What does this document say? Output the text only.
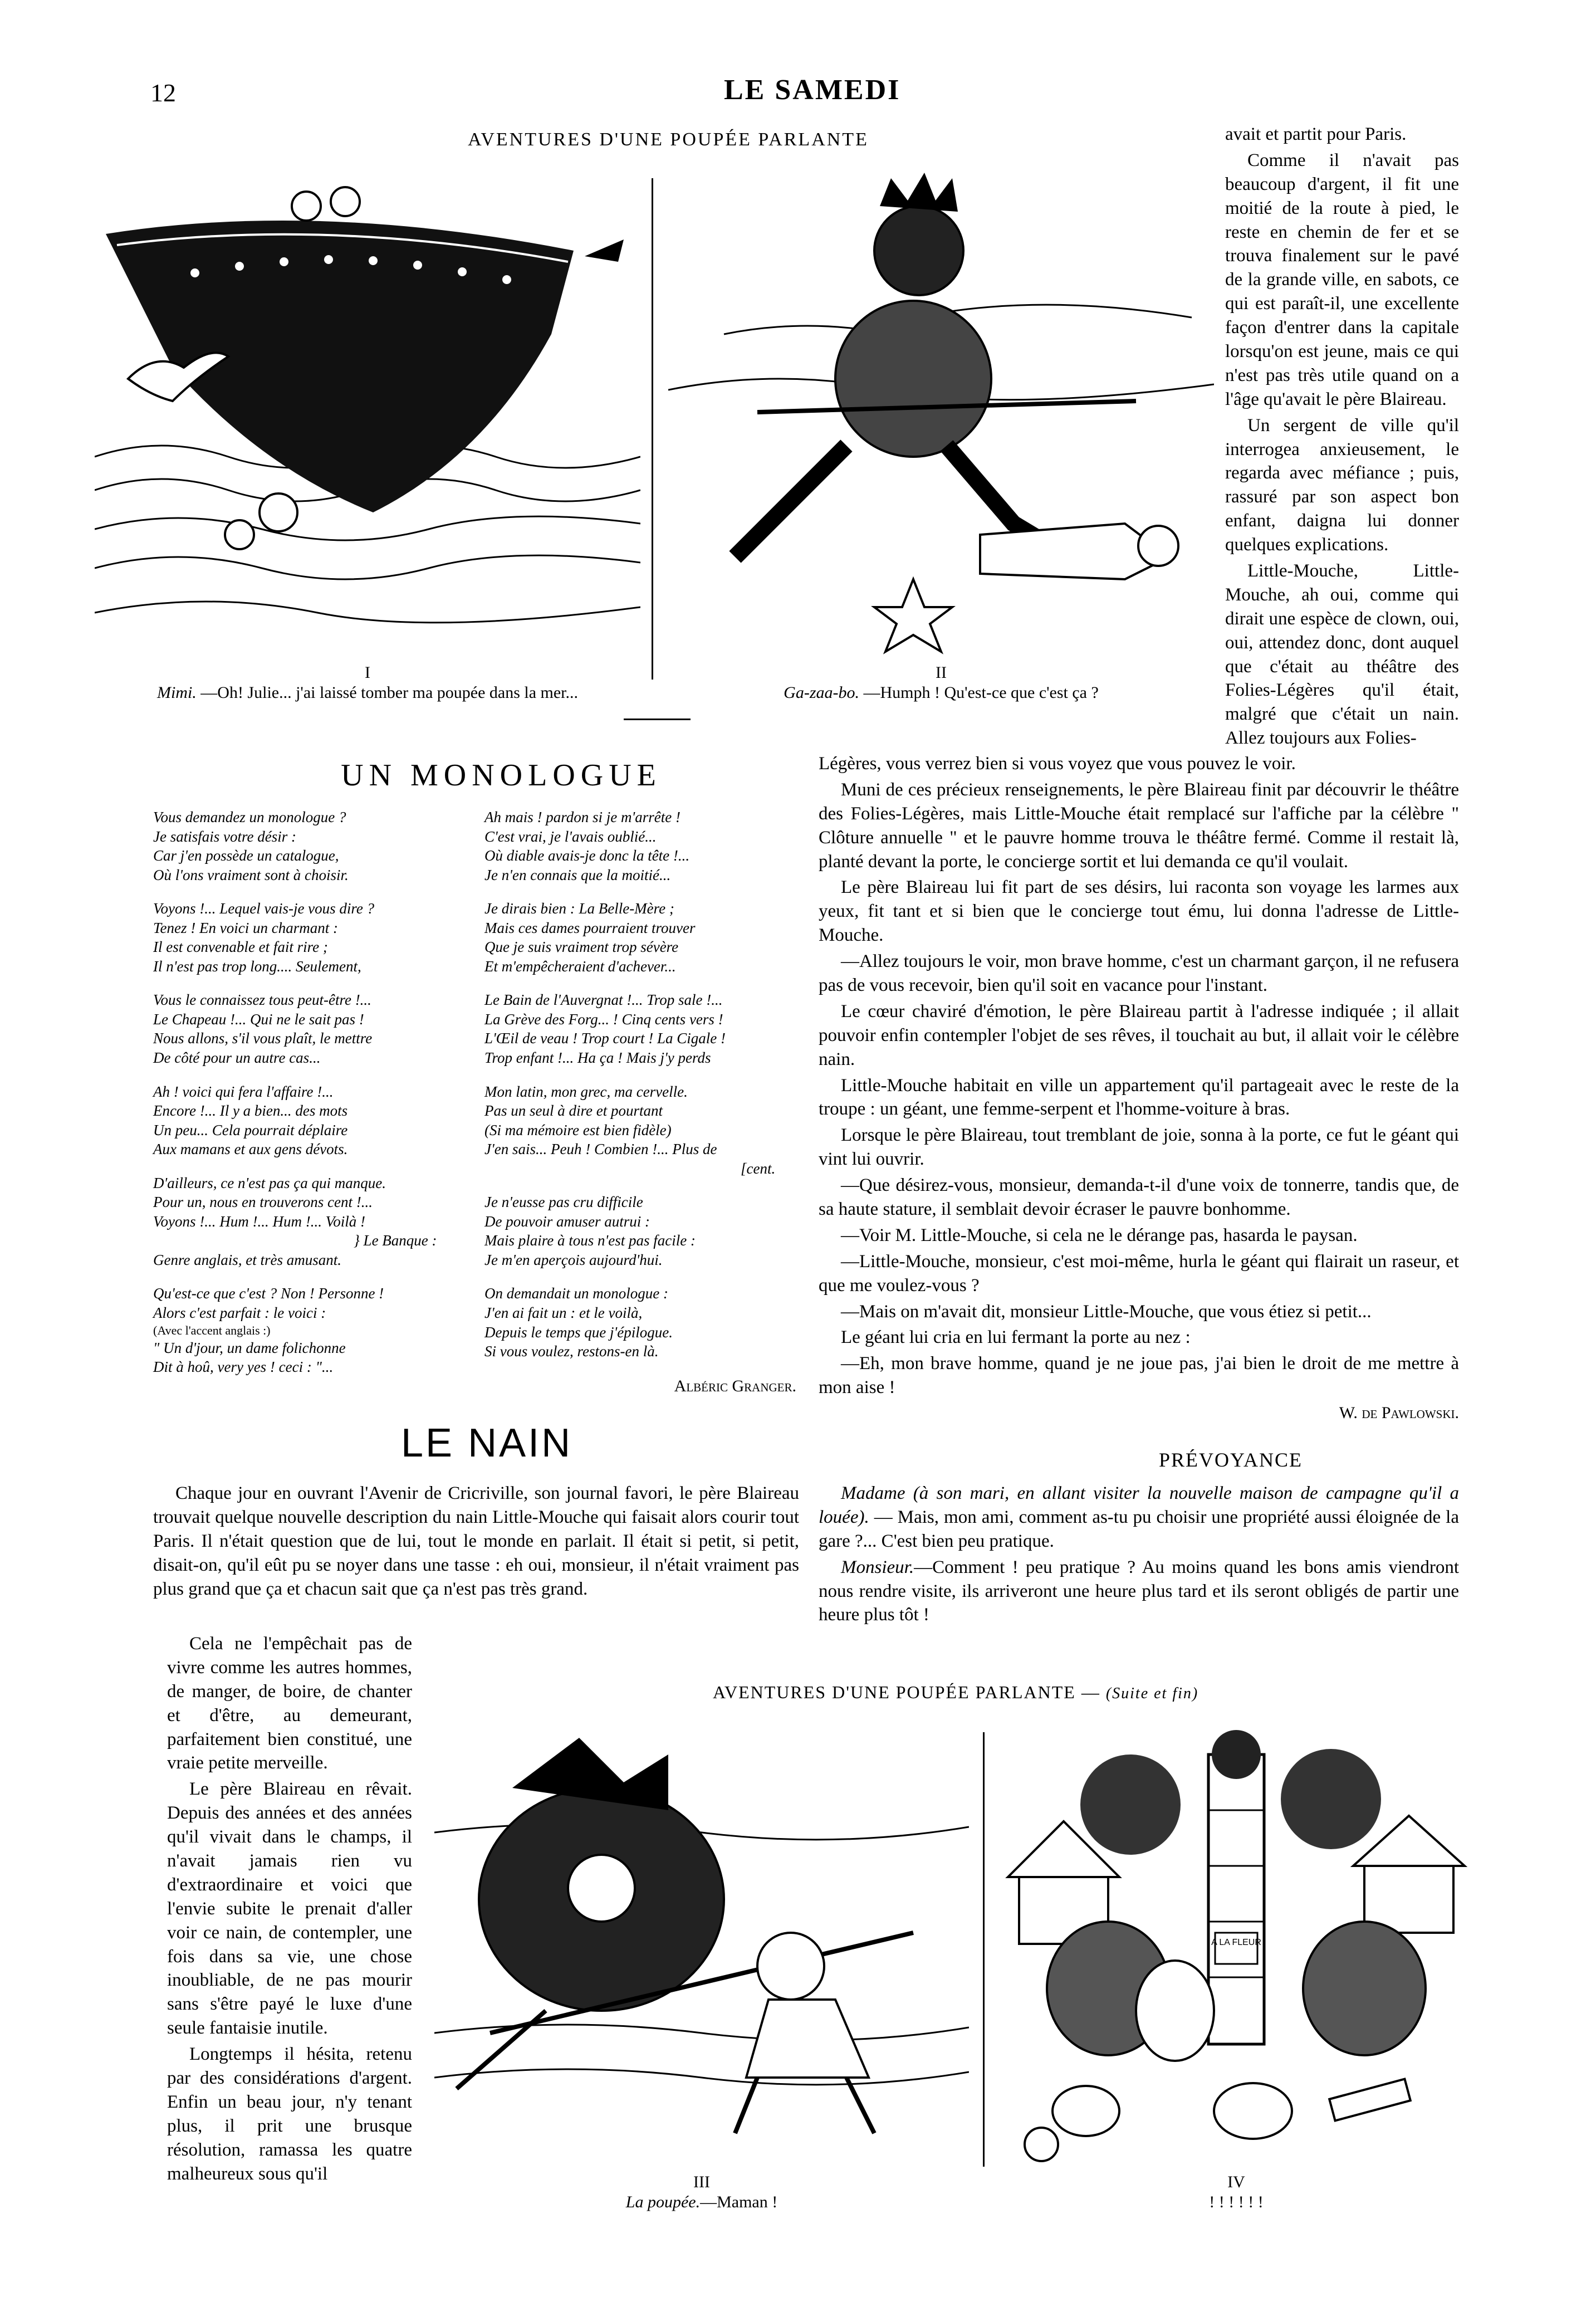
12	LE SAMEDI
AVENTURES D'UNE POUPÉE PARLANTE
I
Mimi. —Oh! Julie... j'ai laissé tomber ma poupée dans la mer...
II
Ga-zaa-bo. —Humph ! Qu'est-ce que c'est ça ?

avait et partit pour Paris.

Comme il n'avait pas beaucoup d'argent, il fit une moitié de la route à pied, le reste en chemin de fer et se trouva finalement sur le pavé de la grande ville, en sabots, ce qui est paraît-il, une excellente façon d'entrer dans la capitale lorsqu'on est jeune, mais ce qui n'est pas très utile quand on a l'âge qu'avait le père Blaireau.

Un sergent de ville qu'il interrogea anxieusement, le regarda avec méfiance ; puis, rassuré par son aspect bon enfant, daigna lui donner quelques explications.

Little-Mouche, Little-Mouche, ah oui, comme qui dirait une espèce de clown, oui, oui, attendez donc, dont auquel que c'était au théâtre des Folies-Légères qu'il était, malgré que c'était un nain. Allez toujours aux Folies-

UN MONOLOGUE
Vous demandez un monologue ?
Je satisfais votre désir :
Car j'en possède un catalogue,
Où l'ons vraiment sont à choisir.
Voyons !... Lequel vais-je vous dire ?
Tenez ! En voici un charmant :
Il est convenable et fait rire ;
Il n'est pas trop long.... Seulement,
Vous le connaissez tous peut-être !...
Le Chapeau !... Qui ne le sait pas !
Nous allons, s'il vous plaît, le mettre
De côté pour un autre cas...
Ah ! voici qui fera l'affaire !...
Encore !... Il y a bien... des mots
Un peu... Cela pourrait déplaire
Aux mamans et aux gens dévots.
D'ailleurs, ce n'est pas ça qui manque.
Pour un, nous en trouverons cent !...
Voyons !... Hum !... Hum !... Voilà !
} Le Banque :
Genre anglais, et très amusant.
Qu'est-ce que c'est ? Non ! Personne !
Alors c'est parfait : le voici :
(Avec l'accent anglais :)
" Un d'jour, un dame folichonne
Dit à hoû, very yes ! ceci : "...
Ah mais ! pardon si je m'arrête !
C'est vrai, je l'avais oublié...
Où diable avais-je donc la tête !...
Je n'en connais que la moitié...
Je dirais bien : La Belle-Mère ;
Mais ces dames pourraient trouver
Que je suis vraiment trop sévère
Et m'empêcheraient d'achever...
Le Bain de l'Auvergnat !... Trop sale !...
La Grève des Forg... ! Cinq cents vers !
L'Œil de veau ! Trop court ! La Cigale !
Trop enfant !... Ha ça ! Mais j'y perds
Mon latin, mon grec, ma cervelle.
Pas un seul à dire et pourtant
(Si ma mémoire est bien fidèle)
J'en sais... Peuh ! Combien !... Plus de
[cent.
Je n'eusse pas cru difficile
De pouvoir amuser autrui :
Mais plaire à tous n'est pas facile :
Je m'en aperçois aujourd'hui.
On demandait un monologue :
J'en ai fait un : et le voilà,
Depuis le temps que j'épilogue.
Si vous voulez, restons-en là.
Albéric Granger.

Légères, vous verrez bien si vous voyez que vous pouvez le voir.

Muni de ces précieux renseignements, le père Blaireau finit par découvrir le théâtre des Folies-Légères, mais Little-Mouche était remplacé sur l'affiche par la célèbre " Clôture annuelle " et le pauvre homme trouva le théâtre fermé. Comme il restait là, planté devant la porte, le concierge sortit et lui demanda ce qu'il voulait.

Le père Blaireau lui fit part de ses désirs, lui raconta son voyage les larmes aux yeux, fit tant et si bien que le concierge tout ému, lui donna l'adresse de Little-Mouche.

—Allez toujours le voir, mon brave homme, c'est un charmant garçon, il ne refusera pas de vous recevoir, bien qu'il soit en vacance pour l'instant.

Le cœur chaviré d'émotion, le père Blaireau partit à l'adresse indiquée ; il allait pouvoir enfin contempler l'objet de ses rêves, il touchait au but, il allait voir le célèbre nain.

Little-Mouche habitait en ville un appartement qu'il partageait avec le reste de la troupe : un géant, une femme-serpent et l'homme-voiture à bras.

Lorsque le père Blaireau, tout tremblant de joie, sonna à la porte, ce fut le géant qui vint lui ouvrir.

—Que désirez-vous, monsieur, demanda-t-il d'une voix de tonnerre, tandis que, de sa haute stature, il semblait devoir écraser le pauvre bonhomme.

—Voir M. Little-Mouche, si cela ne le dérange pas, hasarda le paysan.

—Little-Mouche, monsieur, c'est moi-même, hurla le géant qui flairait un raseur, et que me voulez-vous ?

—Mais on m'avait dit, monsieur Little-Mouche, que vous étiez si petit...

Le géant lui cria en lui fermant la porte au nez :

—Eh, mon brave homme, quand je ne joue pas, j'ai bien le droit de me mettre à mon aise !

W. de Pawlowski.
LE NAIN

Chaque jour en ouvrant l'Avenir de Cricriville, son journal favori, le père Blaireau trouvait quelque nouvelle description du nain Little-Mouche qui faisait alors courir tout Paris. Il n'était question que de lui, tout le monde en parlait. Il était si petit, si petit, disait-on, qu'il eût pu se noyer dans une tasse : eh oui, monsieur, il n'était vraiment pas plus grand que ça et chacun sait que ça n'est pas très grand.

Cela ne l'empêchait pas de vivre comme les autres hommes, de manger, de boire, de chanter et d'être, au demeurant, parfaitement bien constitué, une vraie petite merveille.

Le père Blaireau en rêvait. Depuis des années et des années qu'il vivait dans le champs, il n'avait jamais rien vu d'extraordinaire et voici que l'envie subite le prenait d'aller voir ce nain, de contempler, une fois dans sa vie, une chose inoubliable, de ne pas mourir sans s'être payé le luxe d'une seule fantaisie inutile.

Longtemps il hésita, retenu par des considérations d'argent. Enfin un beau jour, n'y tenant plus, il prit une brusque résolution, ramassa les quatre malheureux sous qu'il

PRÉVOYANCE

Madame (à son mari, en allant visiter la nouvelle maison de campagne qu'il a louée). — Mais, mon ami, comment as-tu pu choisir une propriété aussi éloignée de la gare ?... C'est bien peu pratique.

Monsieur.—Comment ! peu pratique ? Au moins quand les bons amis viendront nous rendre visite, ils arriveront une heure plus tard et ils seront obligés de partir une heure plus tôt !

AVENTURES D'UNE POUPÉE PARLANTE — (Suite et fin)
A LA FLEUR
III
La poupée.—Maman !
IV
! ! ! ! ! !
